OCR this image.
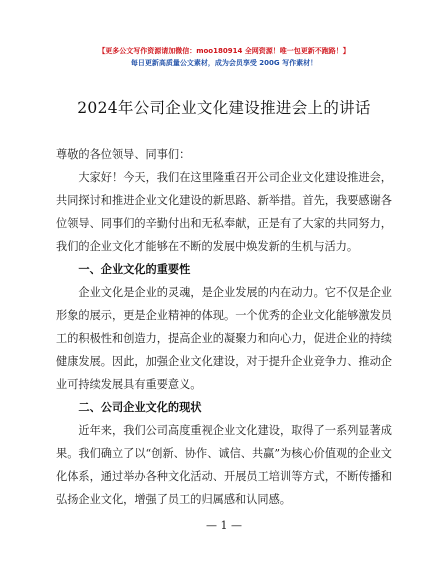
【更多公文写作资源请加微信：moo180914 全网资源！唯一包更新不跑路！】
每日更新高质量公文素材，成为会员享受 200G 写作素材！
2024年公司企业文化建设推进会上的讲话

尊敬的各位领导、同事们：

大家好！今天，我们在这里隆重召开公司企业文化建设推进会，共同探讨和推进企业文化建设的新思路、新举措。首先，我要感谢各位领导、同事们的辛勤付出和无私奉献，正是有了大家的共同努力，我们的企业文化才能够在不断的发展中焕发新的生机与活力。

一、企业文化的重要性

企业文化是企业的灵魂，是企业发展的内在动力。它不仅是企业形象的展示，更是企业精神的体现。一个优秀的企业文化能够激发员工的积极性和创造力，提高企业的凝聚力和向心力，促进企业的持续健康发展。因此，加强企业文化建设，对于提升企业竞争力、推动企业可持续发展具有重要意义。

二、公司企业文化的现状

近年来，我们公司高度重视企业文化建设，取得了一系列显著成果。我们确立了以“创新、协作、诚信、共赢”为核心价值观的企业文化体系，通过举办各种文化活动、开展员工培训等方式，不断传播和弘扬企业文化，增强了员工的归属感和认同感。

— 1 —
